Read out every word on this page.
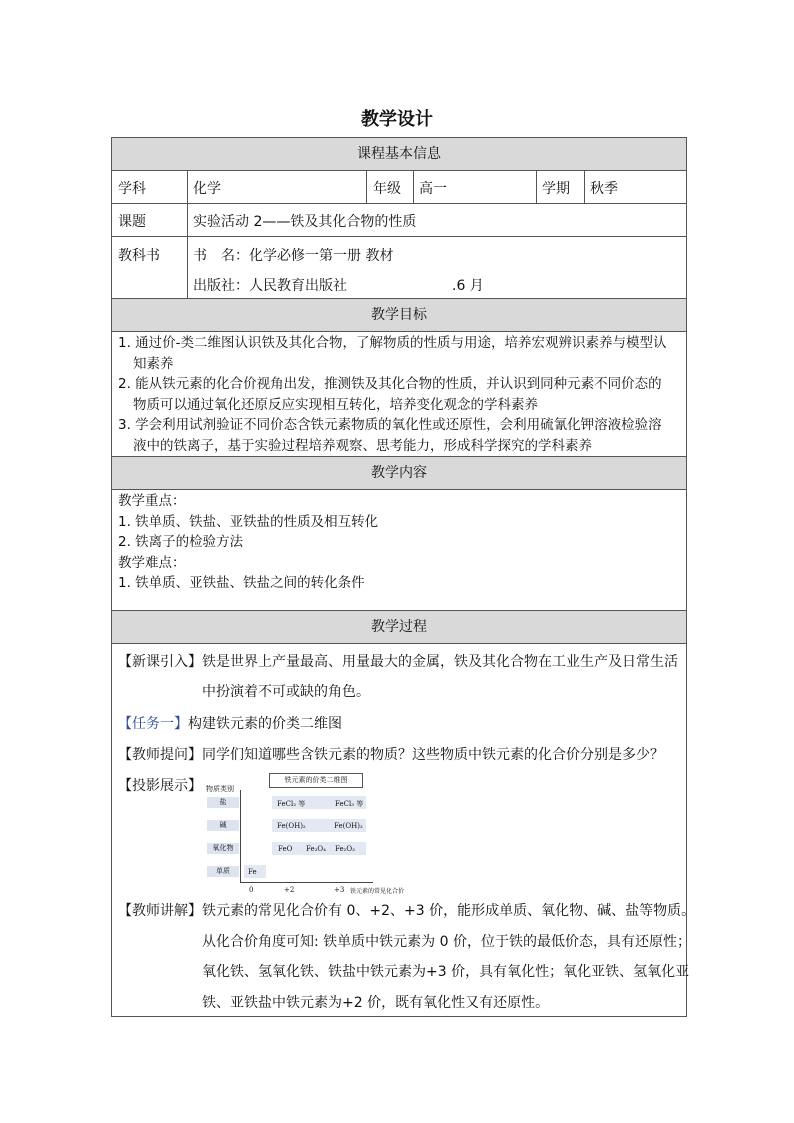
教学设计
课程基本信息
学科	化学	年级 高一	学期 秋季
课题	实验活动 2——铁及其化合物的性质
教科书 书　名：化学必修一第一册 教材
出版社：人民教育出版社	.6 月
教学目标
1. 通过价-类二维图认识铁及其化合物，了解物质的性质与用途，培养宏观辨识素养与模型认
知素养
2. 能从铁元素的化合价视角出发，推测铁及其化合物的性质，并认识到同种元素不同价态的
物质可以通过氧化还原反应实现相互转化，培养变化观念的学科素养
3. 学会利用试剂验证不同价态含铁元素物质的氧化性或还原性，会利用硫氰化钾溶液检验溶
液中的铁离子，基于实验过程培养观察、思考能力，形成科学探究的学科素养
教学内容
教学重点：
1. 铁单质、铁盐、亚铁盐的性质及相互转化
2. 铁离子的检验方法
教学难点：
1. 铁单质、亚铁盐、铁盐之间的转化条件
教学过程
【新课引入】铁是世界上产量最高、用量最大的金属，铁及其化合物在工业生产及日常生活
中扮演着不可或缺的角色。
【任务一】构建铁元素的价类二维图
【教师提问】同学们知道哪些含铁元素的物质？这些物质中铁元素的化合价分别是多少？
【投影展示】	铁元素的价类二维图
物质类别
盐	FeCl₂ 等	FeCl₃ 等
碱	Fe(OH)₂	Fe(OH)₃
氧化物	FeO Fe₃O₄ Fe₂O₃
单质	Fe
0	+2	+3 铁元素的常见化合价
【教师讲解】铁元素的常见化合价有 0、+2、+3 价，能形成单质、氧化物、碱、盐等物质。
从化合价角度可知: 铁单质中铁元素为 0 价，位于铁的最低价态，具有还原性；
氧化铁、氢氧化铁、铁盐中铁元素为+3 价，具有氧化性；氧化亚铁、氢氧化亚
铁、亚铁盐中铁元素为+2 价，既有氧化性又有还原性。
